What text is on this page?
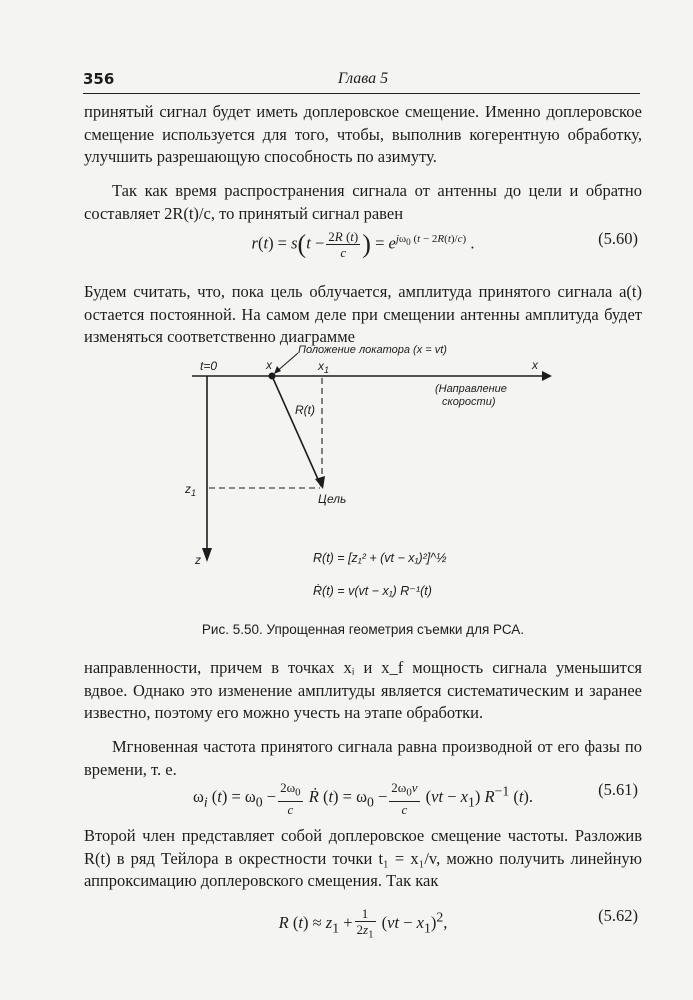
356	Глава 5

принятый сигнал будет иметь доплеровское смещение. Именно доплеровское смещение используется для того, чтобы, выполнив когерентную обработку, улучшить разрешающую способность по азимуту.

Так как время распространения сигнала от антенны до цели и обратно составляет 2R(t)/c, то принятый сигнал равен

$r(t) = s(t - \frac{2R (t)}{c}$ ) = $e^{j\omega_0 (t - 2R(t)/c)}$ .	(5.60)

Будем считать, что, пока цель облучается, амплитуда принятого сигнала a(t) остается постоянной. На самом деле при смещении антенны амплитуда будет изменяться соответственно диаграмме

t=0	x	$x_1$	x
Положение локатора (x = vt)
(Направление
скорости)
R(t)
$z_1$	Цель
z	R(t) = [z₁² + (vt − x₁)²]^½
Ṙ(t) = v(vt − x₁) R⁻¹(t)
Рис. 5.50. Упрощенная геометрия съемки для РСА.

направленности, причем в точках xᵢ и x_f мощность сигнала уменьшится вдвое. Однако это изменение амплитуды является систематическим и заранее известно, поэтому его можно учесть на этапе обработки.

Мгновенная частота принятого сигнала равна производной от его фазы по времени, т. е.

$\omega_i$ $(t) = \omega_0 - \frac{2\omega_0}{c}$ Ṙ $(t) = \omega_0 - \frac{2\omega_0v}{c} (vt - x_1)$ $R^{-1}$ (t).	(5.61)

Второй член представляет собой доплеровское смещение частоты. Разложив R(t) в ряд Тейлора в окрестности точки t₁ = x₁/v, можно получить линейную аппроксимацию доплеровского смещения. Так как

R $(t) \approx z_1 + \frac{1}{2z_1} (vt - x_1)^2$,	(5.62)
